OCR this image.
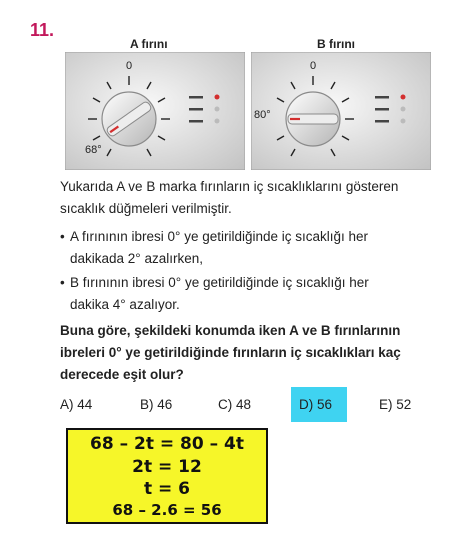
11.
A fırını
0
68°
B fırını
0
80°
Yukarıda A ve B marka fırınların iç sıcaklıklarını gösteren
sıcaklık düğmeleri verilmiştir.
• A fırınının ibresi 0° ye getirildiğinde iç sıcaklığı her
dakikada 2° azalırken,
• B fırınının ibresi 0° ye getirildiğinde iç sıcaklığı her
dakika 4° azalıyor.
Buna göre, şekildeki konumda iken A ve B fırınlarının
ibreleri 0° ye getirildiğinde fırınların iç sıcaklıkları kaç
derecede eşit olur?
A) 44	B) 46	C) 48	D) 56	E) 52
68 – 2t = 80 – 4t
2t = 12
t = 6
68 – 2.6 = 56
